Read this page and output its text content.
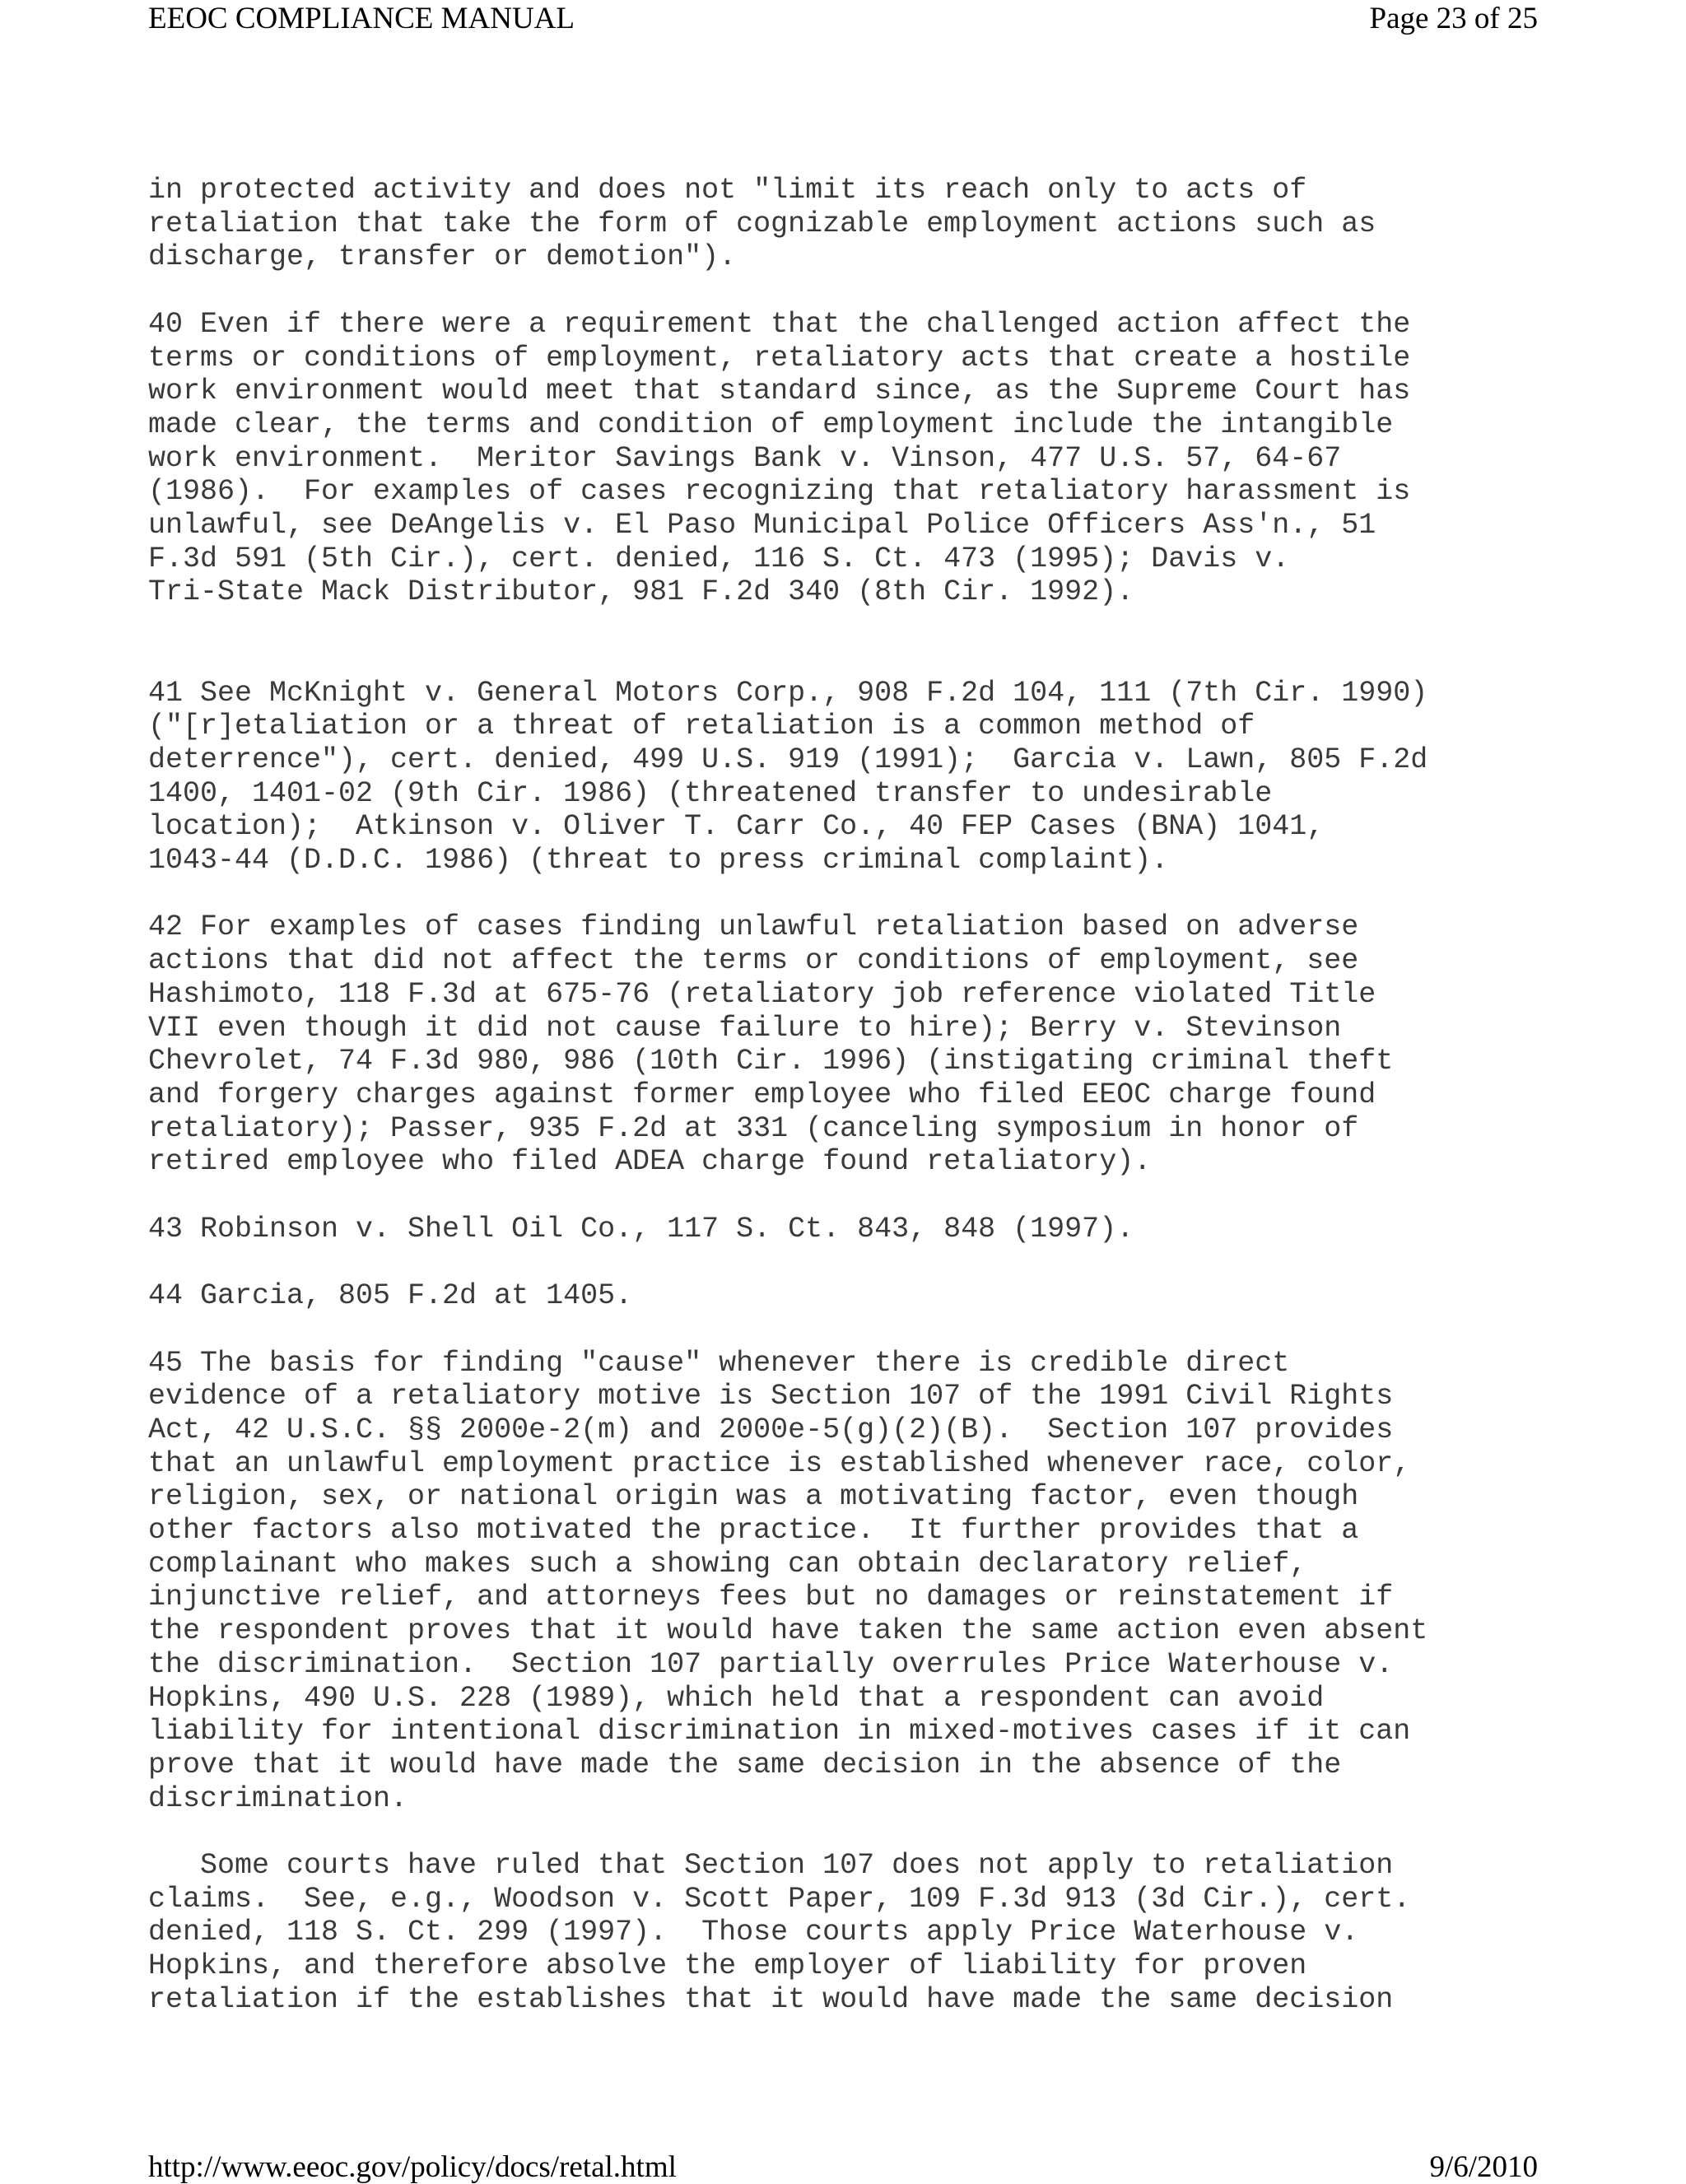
EEOC COMPLIANCE MANUAL	Page 23 of 25

in protected activity and does not "limit its reach only to acts of
retaliation that take the form of cognizable employment actions such as
discharge, transfer or demotion").

40 Even if there were a requirement that the challenged action affect the
terms or conditions of employment, retaliatory acts that create a hostile
work environment would meet that standard since, as the Supreme Court has
made clear, the terms and condition of employment include the intangible
work environment.  Meritor Savings Bank v. Vinson, 477 U.S. 57, 64-67
(1986).  For examples of cases recognizing that retaliatory harassment is
unlawful, see DeAngelis v. El Paso Municipal Police Officers Ass'n., 51
F.3d 591 (5th Cir.), cert. denied, 116 S. Ct. 473 (1995); Davis v.
Tri-State Mack Distributor, 981 F.2d 340 (8th Cir. 1992).

41 See McKnight v. General Motors Corp., 908 F.2d 104, 111 (7th Cir. 1990)
("[r]etaliation or a threat of retaliation is a common method of
deterrence"), cert. denied, 499 U.S. 919 (1991);  Garcia v. Lawn, 805 F.2d
1400, 1401-02 (9th Cir. 1986) (threatened transfer to undesirable
location);  Atkinson v. Oliver T. Carr Co., 40 FEP Cases (BNA) 1041,
1043-44 (D.D.C. 1986) (threat to press criminal complaint).

42 For examples of cases finding unlawful retaliation based on adverse
actions that did not affect the terms or conditions of employment, see
Hashimoto, 118 F.3d at 675-76 (retaliatory job reference violated Title
VII even though it did not cause failure to hire); Berry v. Stevinson
Chevrolet, 74 F.3d 980, 986 (10th Cir. 1996) (instigating criminal theft
and forgery charges against former employee who filed EEOC charge found
retaliatory); Passer, 935 F.2d at 331 (canceling symposium in honor of
retired employee who filed ADEA charge found retaliatory).

43 Robinson v. Shell Oil Co., 117 S. Ct. 843, 848 (1997).

44 Garcia, 805 F.2d at 1405.

45 The basis for finding "cause" whenever there is credible direct
evidence of a retaliatory motive is Section 107 of the 1991 Civil Rights
Act, 42 U.S.C. §§ 2000e-2(m) and 2000e-5(g)(2)(B).  Section 107 provides
that an unlawful employment practice is established whenever race, color,
religion, sex, or national origin was a motivating factor, even though
other factors also motivated the practice.  It further provides that a
complainant who makes such a showing can obtain declaratory relief,
injunctive relief, and attorneys fees but no damages or reinstatement if
the respondent proves that it would have taken the same action even absent
the discrimination.  Section 107 partially overrules Price Waterhouse v.
Hopkins, 490 U.S. 228 (1989), which held that a respondent can avoid
liability for intentional discrimination in mixed-motives cases if it can
prove that it would have made the same decision in the absence of the
discrimination.

Some courts have ruled that Section 107 does not apply to retaliation
claims.  See, e.g., Woodson v. Scott Paper, 109 F.3d 913 (3d Cir.), cert.
denied, 118 S. Ct. 299 (1997).  Those courts apply Price Waterhouse v.
Hopkins, and therefore absolve the employer of liability for proven
retaliation if the establishes that it would have made the same decision

http://www.eeoc.gov/policy/docs/retal.html	9/6/2010
